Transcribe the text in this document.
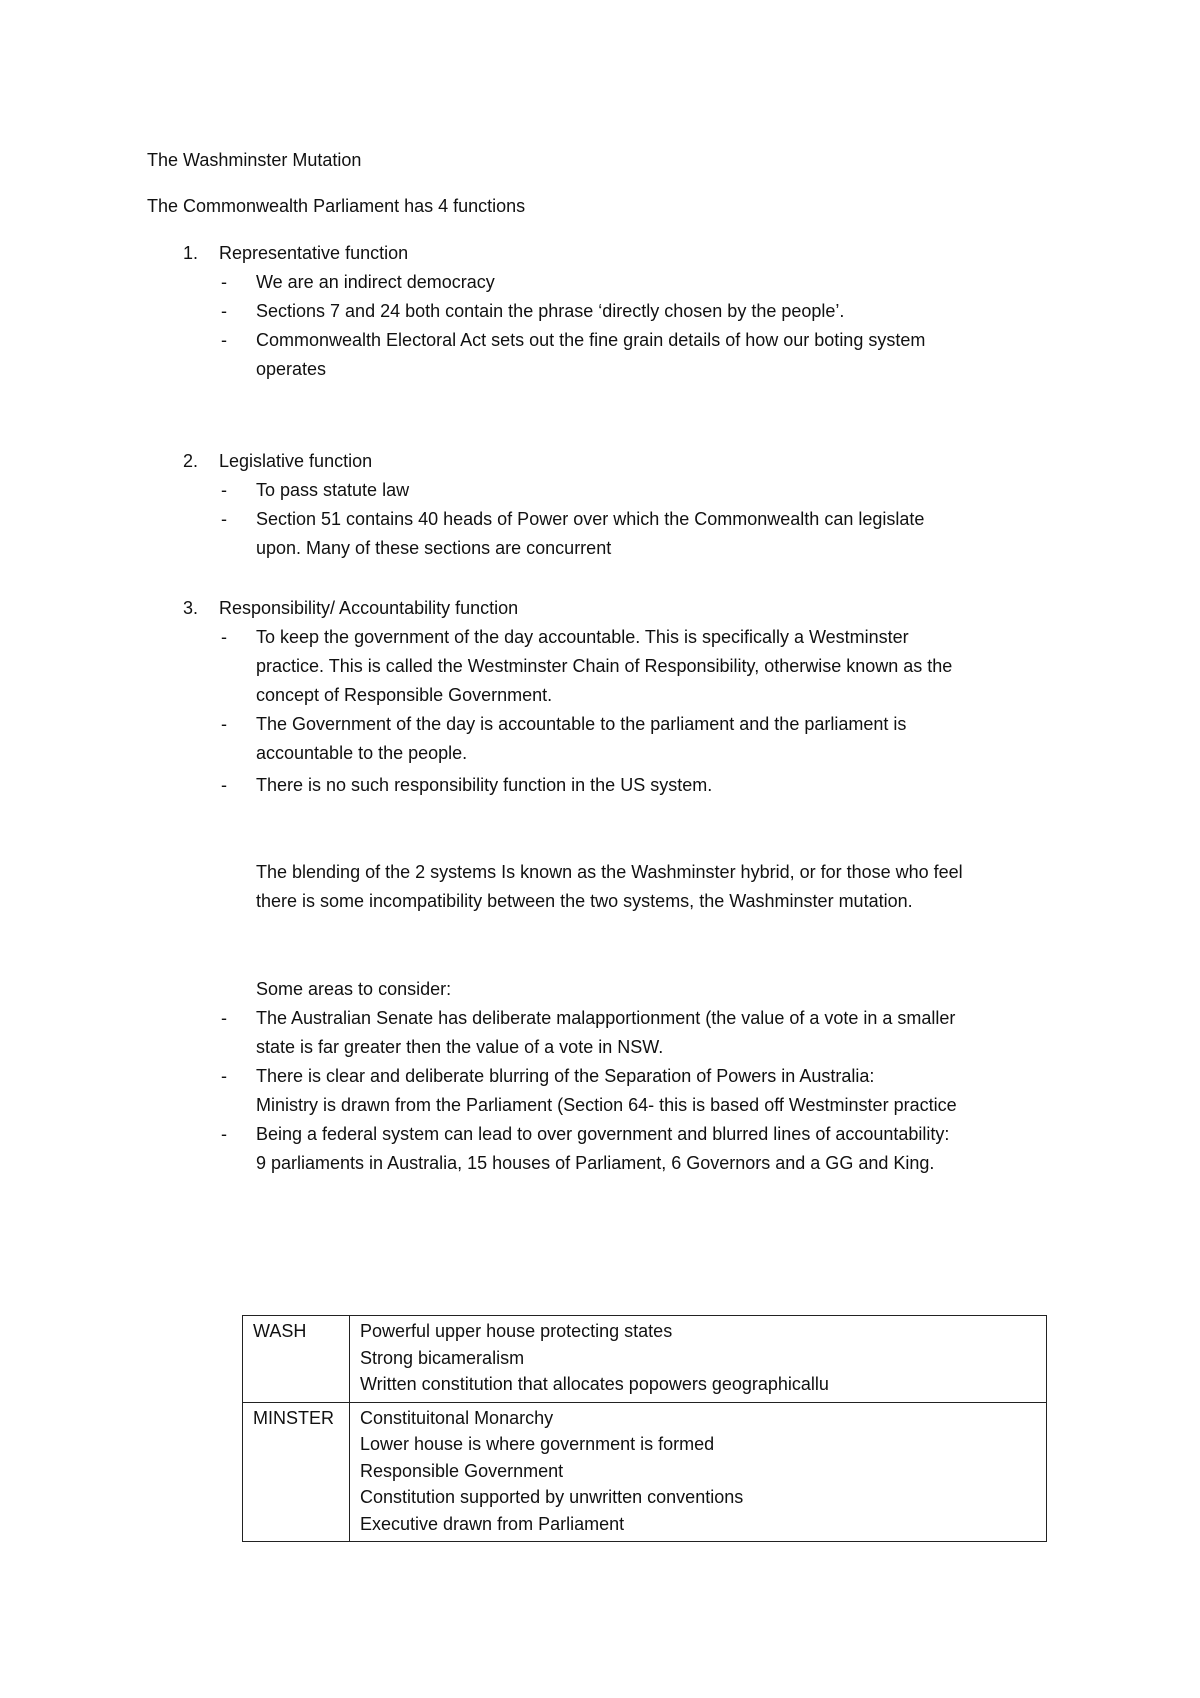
The Washminster Mutation
The Commonwealth Parliament has 4 functions
1. Representative function
- We are an indirect democracy
- Sections 7 and 24 both contain the phrase ‘directly chosen by the people’.
- Commonwealth Electoral Act sets out the fine grain details of how our boting system
operates
2. Legislative function
- To pass statute law
- Section 51 contains 40 heads of Power over which the Commonwealth can legislate
upon. Many of these sections are concurrent
3. Responsibility/ Accountability function
- To keep the government of the day accountable. This is specifically a Westminster
practice. This is called the Westminster Chain of Responsibility, otherwise known as the
concept of Responsible Government.
- The Government of the day is accountable to the parliament and the parliament is
accountable to the people.
- There is no such responsibility function in the US system.
The blending of the 2 systems Is known as the Washminster hybrid, or for those who feel
there is some incompatibility between the two systems, the Washminster mutation.
Some areas to consider:
- The Australian Senate has deliberate malapportionment (the value of a vote in a smaller
state is far greater then the value of a vote in NSW.
- There is clear and deliberate blurring of the Separation of Powers in Australia:
Ministry is drawn from the Parliament (Section 64- this is based off Westminster practice
- Being a federal system can lead to over government and blurred lines of accountability:
9 parliaments in Australia, 15 houses of Parliament, 6 Governors and a GG and King.
WASH	Powerful upper house protecting states
Strong bicameralism
Written constitution that allocates popowers geographicallu

MINSTER	Constituitonal Monarchy
Lower house is where government is formed
Responsible Government
Constitution supported by unwritten conventions
Executive drawn from Parliament
